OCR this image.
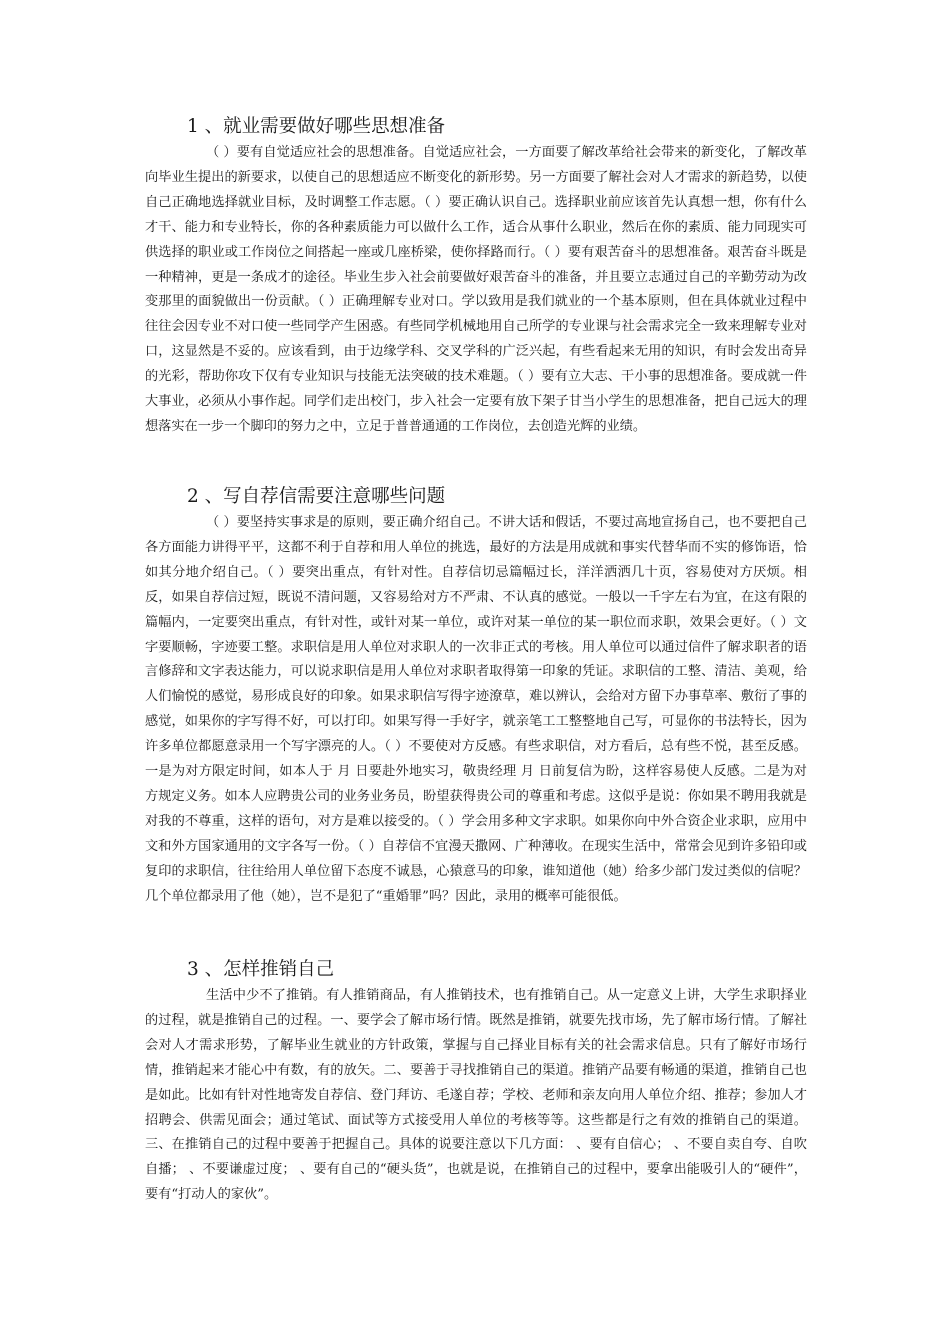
1 、就业需要做好哪些思想准备

（ ）要有自觉适应社会的思想准备。自觉适应社会，一方面要了解改革给社会带来的新变化，了解改革向毕业生提出的新要求，以使自己的思想适应不断变化的新形势。另一方面要了解社会对人才需求的新趋势，以使自己正确地选择就业目标，及时调整工作志愿。（ ）要正确认识自己。选择职业前应该首先认真想一想，你有什么才干、能力和专业特长，你的各种素质能力可以做什么工作，适合从事什么职业，然后在你的素质、能力同现实可供选择的职业或工作岗位之间搭起一座或几座桥梁，使你择路而行。（ ）要有艰苦奋斗的思想准备。艰苦奋斗既是一种精神，更是一条成才的途径。毕业生步入社会前要做好艰苦奋斗的准备，并且要立志通过自己的辛勤劳动为改变那里的面貌做出一份贡献。（ ）正确理解专业对口。学以致用是我们就业的一个基本原则，但在具体就业过程中往往会因专业不对口使一些同学产生困惑。有些同学机械地用自己所学的专业课与社会需求完全一致来理解专业对口，这显然是不妥的。应该看到，由于边缘学科、交叉学科的广泛兴起，有些看起来无用的知识，有时会发出奇异的光彩，帮助你攻下仅有专业知识与技能无法突破的技术难题。（ ）要有立大志、干小事的思想准备。要成就一件大事业，必须从小事作起。同学们走出校门，步入社会一定要有放下架子甘当小学生的思想准备，把自己远大的理想落实在一步一个脚印的努力之中，立足于普普通通的工作岗位，去创造光辉的业绩。

2 、写自荐信需要注意哪些问题

（ ）要坚持实事求是的原则，要正确介绍自己。不讲大话和假话，不要过高地宣扬自己，也不要把自己各方面能力讲得平平，这都不利于自荐和用人单位的挑选，最好的方法是用成就和事实代替华而不实的修饰语，恰如其分地介绍自己。（ ）要突出重点，有针对性。自荐信切忌篇幅过长，洋洋洒洒几十页，容易使对方厌烦。相反，如果自荐信过短，既说不清问题，又容易给对方不严肃、不认真的感觉。一般以一千字左右为宜，在这有限的篇幅内，一定要突出重点，有针对性，或针对某一单位，或许对某一单位的某一职位而求职，效果会更好。（ ）文字要顺畅，字迹要工整。求职信是用人单位对求职人的一次非正式的考核。用人单位可以通过信件了解求职者的语言修辞和文字表达能力，可以说求职信是用人单位对求职者取得第一印象的凭证。求职信的工整、清洁、美观，给人们愉悦的感觉，易形成良好的印象。如果求职信写得字迹潦草，难以辨认，会给对方留下办事草率、敷衍了事的感觉，如果你的字写得不好，可以打印。如果写得一手好字，就亲笔工工整整地自己写，可显你的书法特长，因为许多单位都愿意录用一个写字漂亮的人。（ ）不要使对方反感。有些求职信，对方看后，总有些不悦，甚至反感。一是为对方限定时间，如本人于 月 日要赴外地实习，敬贵经理 月 日前复信为盼，这样容易使人反感。二是为对方规定义务。如本人应聘贵公司的业务业务员，盼望获得贵公司的尊重和考虑。这似乎是说：你如果不聘用我就是对我的不尊重，这样的语句，对方是难以接受的。（ ）学会用多种文字求职。如果你向中外合资企业求职，应用中文和外方国家通用的文字各写一份。（ ）自荐信不宜漫天撒网、广种薄收。在现实生活中，常常会见到许多铅印或复印的求职信，往往给用人单位留下态度不诚恳，心猿意马的印象，谁知道他（她）给多少部门发过类似的信呢？几个单位都录用了他（她），岂不是犯了“重婚罪”吗？因此，录用的概率可能很低。

3 、怎样推销自己

生活中少不了推销。有人推销商品，有人推销技术，也有推销自己。从一定意义上讲，大学生求职择业的过程，就是推销自己的过程。一、要学会了解市场行情。既然是推销，就要先找市场，先了解市场行情。了解社会对人才需求形势，了解毕业生就业的方针政策，掌握与自己择业目标有关的社会需求信息。只有了解好市场行情，推销起来才能心中有数，有的放矢。二、要善于寻找推销自己的渠道。推销产品要有畅通的渠道，推销自己也是如此。比如有针对性地寄发自荐信、登门拜访、毛遂自荐；学校、老师和亲友向用人单位介绍、推荐；参加人才招聘会、供需见面会；通过笔试、面试等方式接受用人单位的考核等等。这些都是行之有效的推销自己的渠道。三、在推销自己的过程中要善于把握自己。具体的说要注意以下几方面： 、要有自信心； 、不要自卖自夸、自吹自播； 、不要谦虚过度； 、要有自己的“硬头货”，也就是说，在推销自己的过程中，要拿出能吸引人的“硬件”，要有“打动人的家伙”。
